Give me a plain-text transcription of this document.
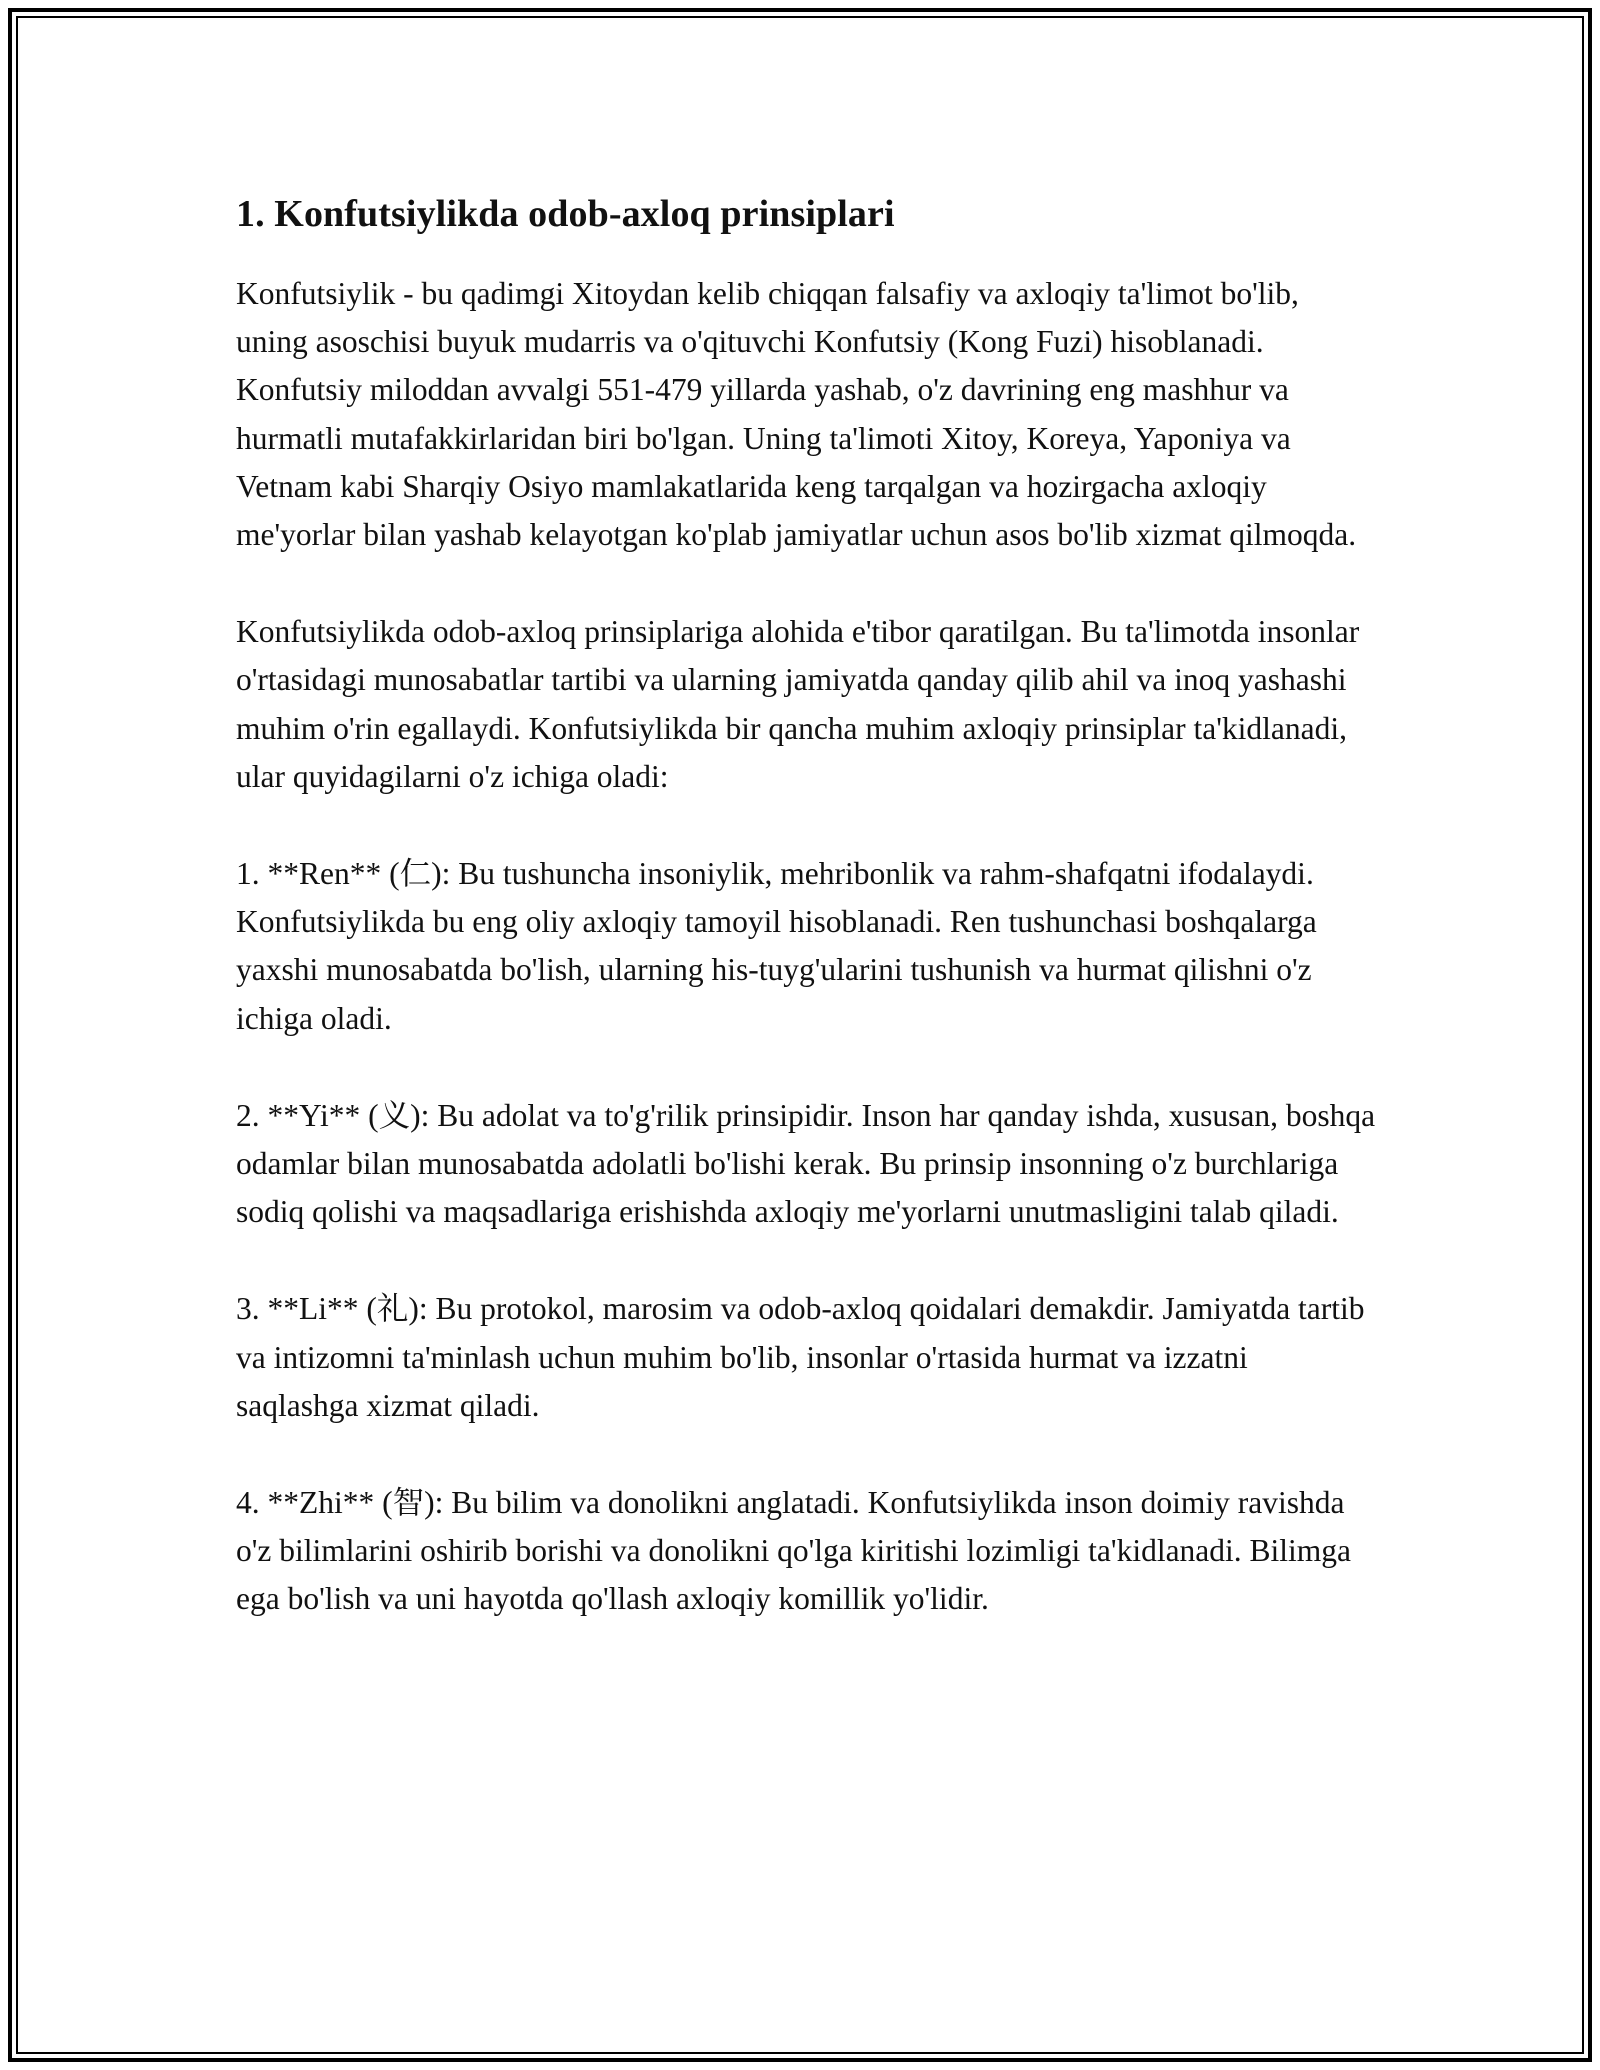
1. Konfutsiylikda odob-axloq prinsiplari

Konfutsiylik - bu qadimgi Xitoydan kelib chiqqan falsafiy va axloqiy ta'limot bo'lib, uning asoschisi buyuk mudarris va o'qituvchi Konfutsiy (Kong Fuzi) hisoblanadi. Konfutsiy miloddan avvalgi 551-479 yillarda yashab, o'z davrining eng mashhur va hurmatli mutafakkirlaridan biri bo'lgan. Uning ta'limoti Xitoy, Koreya, Yaponiya va Vetnam kabi Sharqiy Osiyo mamlakatlarida keng tarqalgan va hozirgacha axloqiy me'yorlar bilan yashab kelayotgan ko'plab jamiyatlar uchun asos bo'lib xizmat qilmoqda.

Konfutsiylikda odob-axloq prinsiplariga alohida e'tibor qaratilgan. Bu ta'limotda insonlar o'rtasidagi munosabatlar tartibi va ularning jamiyatda qanday qilib ahil va inoq yashashi muhim o'rin egallaydi. Konfutsiylikda bir qancha muhim axloqiy prinsiplar ta'kidlanadi, ular quyidagilarni o'z ichiga oladi:

1. **Ren** (仁): Bu tushuncha insoniylik, mehribonlik va rahm-shafqatni ifodalaydi. Konfutsiylikda bu eng oliy axloqiy tamoyil hisoblanadi. Ren tushunchasi boshqalarga yaxshi munosabatda bo'lish, ularning his-tuyg'ularini tushunish va hurmat qilishni o'z ichiga oladi.

2. **Yi** (义): Bu adolat va to'g'rilik prinsipidir. Inson har qanday ishda, xususan, boshqa odamlar bilan munosabatda adolatli bo'lishi kerak. Bu prinsip insonning o'z burchlariga sodiq qolishi va maqsadlariga erishishda axloqiy me'yorlarni unutmasligini talab qiladi.

3. **Li** (礼): Bu protokol, marosim va odob-axloq qoidalari demakdir. Jamiyatda tartib va intizomni ta'minlash uchun muhim bo'lib, insonlar o'rtasida hurmat va izzatni saqlashga xizmat qiladi.

4. **Zhi** (智): Bu bilim va donolikni anglatadi. Konfutsiylikda inson doimiy ravishda o'z bilimlarini oshirib borishi va donolikni qo'lga kiritishi lozimligi ta'kidlanadi. Bilimga ega bo'lish va uni hayotda qo'llash axloqiy komillik yo'lidir.
